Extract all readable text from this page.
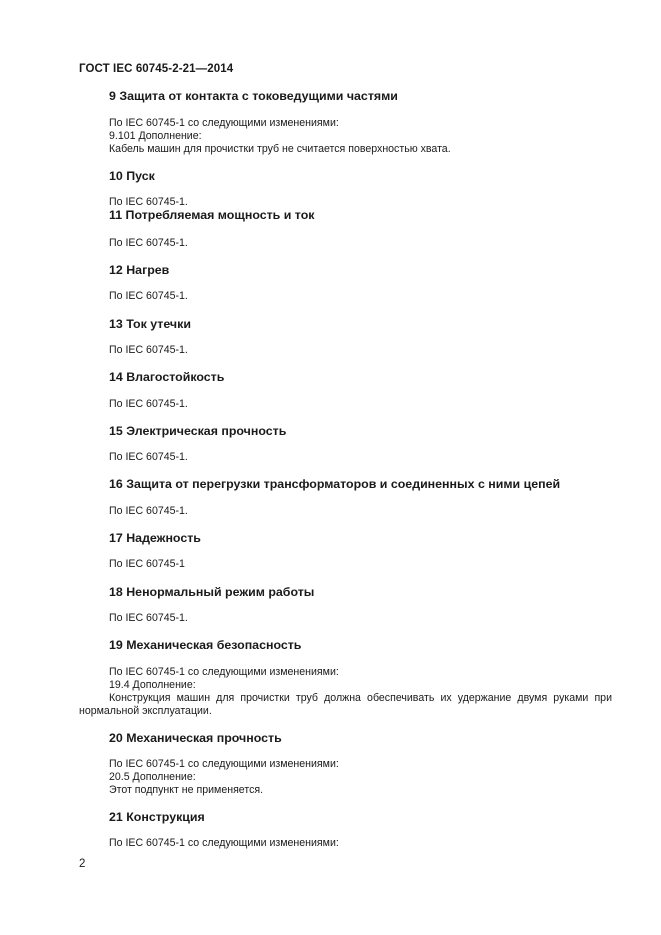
ГОСТ IEC 60745-2-21—2014
9 Защита от контакта с токоведущими частями
По IEC 60745-1 со следующими изменениями:
9.101 Дополнение:
Кабель машин для прочистки труб не считается поверхностью хвата.
10 Пуск
По IEC 60745-1.
11 Потребляемая мощность и ток
По IEC 60745-1.
12 Нагрев
По IEC 60745-1.
13 Ток утечки
По IEC 60745-1.
14 Влагостойкость
По IEC 60745-1.
15 Электрическая прочность
По IEC 60745-1.
16 Защита от перегрузки трансформаторов и соединенных с ними цепей
По IEC 60745-1.
17 Надежность
По IEC 60745-1
18 Ненормальный режим работы
По IEC 60745-1.
19 Механическая безопасность
По IEC 60745-1 со следующими изменениями:
19.4 Дополнение:
Конструкция машин для прочистки труб должна обеспечивать их удержание двумя руками при
нормальной эксплуатации.
20 Механическая прочность
По IEC 60745-1 со следующими изменениями:
20.5 Дополнение:
Этот подпункт не применяется.
21 Конструкция
По IEC 60745-1 со следующими изменениями:
2
